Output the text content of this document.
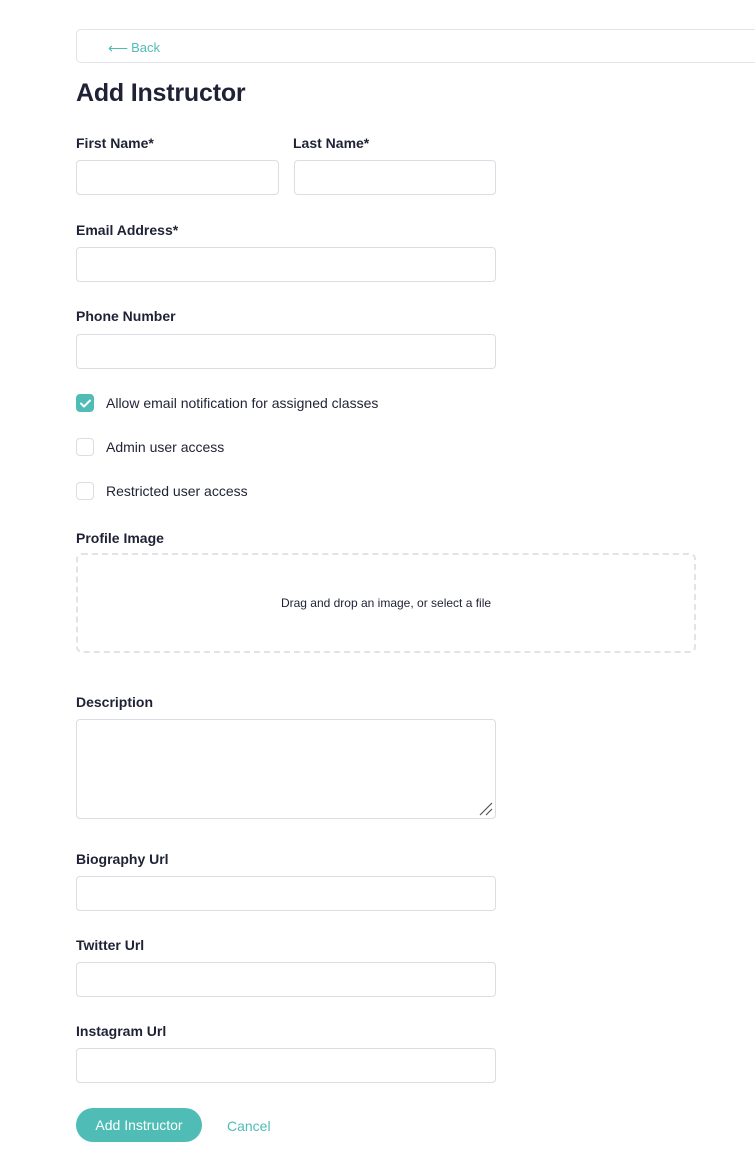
⟵ Back
Add Instructor
First Name*	Last Name*
Email Address*
Phone Number
Allow email notification for assigned classes
Admin user access
Restricted user access
Profile Image
Drag and drop an image, or select a file
Description
Biography Url
Twitter Url
Instagram Url
Add Instructor	Cancel
